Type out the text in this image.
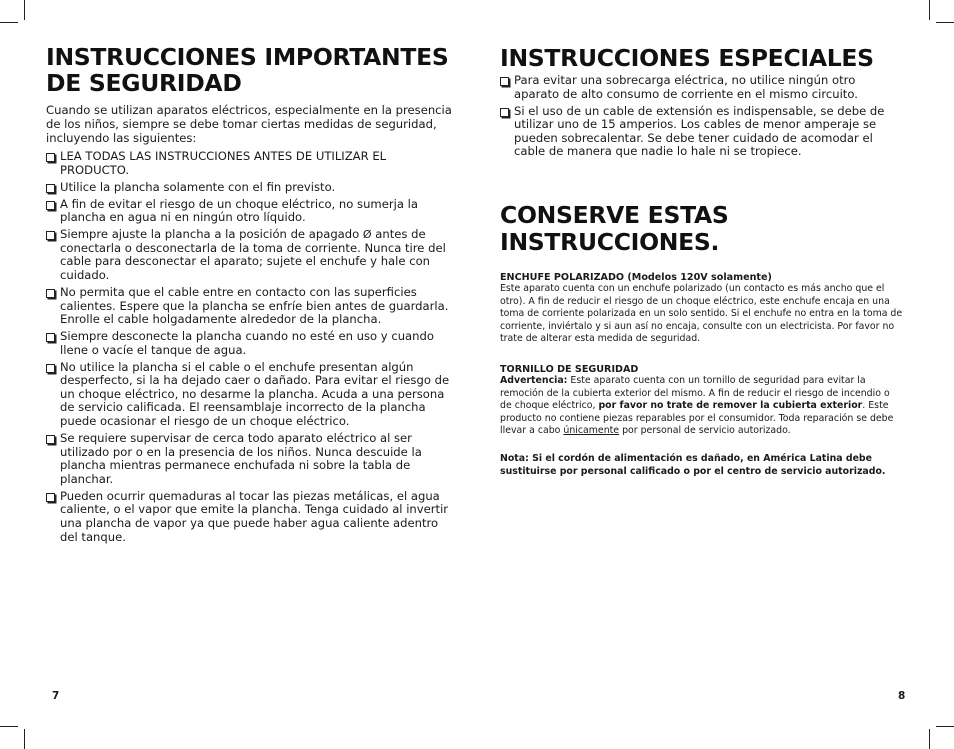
INSTRUCCIONES IMPORTANTES
DE SEGURIDAD

Cuando se utilizan aparatos eléctricos, especialmente en la presencia de los niños, siempre se debe tomar ciertas medidas de seguridad, incluyendo las siguientes:

LEA TODAS LAS INSTRUCCIONES ANTES DE UTILIZAR EL PRODUCTO.
Utilice la plancha solamente con el fin previsto.
A fin de evitar el riesgo de un choque eléctrico, no sumerja la plancha en agua ni en ningún otro líquido.
Siempre ajuste la plancha a la posición de apagado Ø antes de conectarla o desconectarla de la toma de corriente. Nunca tire del cable para desconectar el aparato; sujete el enchufe y hale con cuidado.
No permita que el cable entre en contacto con las superficies calientes. Espere que la plancha se enfríe bien antes de guardarla. Enrolle el cable holgadamente alrededor de la plancha.
Siempre desconecte la plancha cuando no esté en uso y cuando llene o vacíe el tanque de agua.
No utilice la plancha si el cable o el enchufe presentan algún desperfecto, si la ha dejado caer o dañado. Para evitar el riesgo de un choque eléctrico, no desarme la plancha. Acuda a una persona de servicio calificada. El reensamblaje incorrecto de la plancha puede ocasionar el riesgo de un choque eléctrico.
Se requiere supervisar de cerca todo aparato eléctrico al ser utilizado por o en la presencia de los niños. Nunca descuide la plancha mientras permanece enchufada ni sobre la tabla de planchar.
Pueden ocurrir quemaduras al tocar las piezas metálicas, el agua caliente, o el vapor que emite la plancha. Tenga cuidado al invertir una plancha de vapor ya que puede haber agua caliente adentro del tanque.
7
INSTRUCCIONES ESPECIALES
Para evitar una sobrecarga eléctrica, no utilice ningún otro aparato de alto consumo de corriente en el mismo circuito.
Si el uso de un cable de extensión es indispensable, se debe de utilizar uno de 15 amperios. Los cables de menor amperaje se pueden sobrecalentar. Se debe tener cuidado de acomodar el cable de manera que nadie lo hale ni se tropiece.
CONSERVE ESTAS
INSTRUCCIONES.

ENCHUFE POLARIZADO (Modelos 120V solamente)

Este aparato cuenta con un enchufe polarizado (un contacto es más ancho que el otro). A fin de reducir el riesgo de un choque eléctrico, este enchufe encaja en una toma de corriente polarizada en un solo sentido. Si el enchufe no entra en la toma de corriente, inviértalo y si aun así no encaja, consulte con un electricista. Por favor no trate de alterar esta medida de seguridad.

TORNILLO DE SEGURIDAD

Advertencia: Este aparato cuenta con un tornillo de seguridad para evitar la remoción de la cubierta exterior del mismo. A fin de reducir el riesgo de incendio o de choque eléctrico, por favor no trate de remover la cubierta exterior. Este producto no contiene piezas reparables por el consumidor. Toda reparación se debe llevar a cabo únicamente por personal de servicio autorizado.

Nota: Si el cordón de alimentación es dañado, en América Latina debe sustituirse por personal calificado o por el centro de servicio autorizado.

8
